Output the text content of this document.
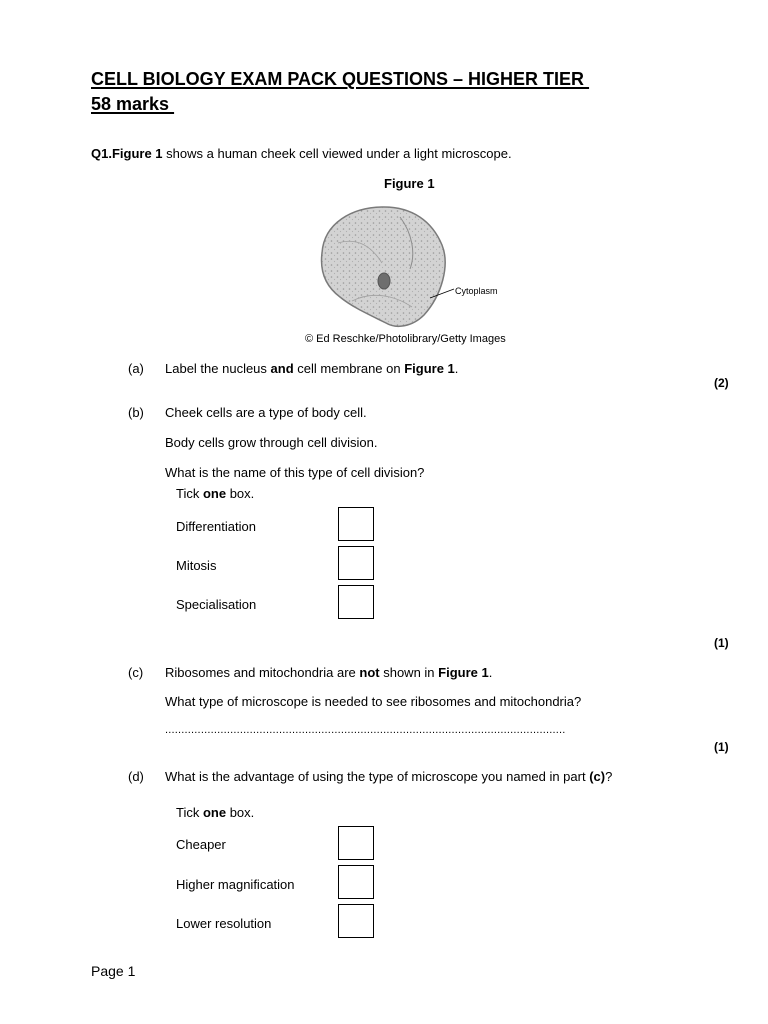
CELL BIOLOGY EXAM PACK QUESTIONS – HIGHER TIER
58 marks
Q1.Figure 1 shows a human cheek cell viewed under a light microscope.
Figure 1
Cytoplasm
© Ed Reschke/Photolibrary/Getty Images
(a) Label the nucleus and cell membrane on Figure 1.
(2)
(b) Cheek cells are a type of body cell.
Body cells grow through cell division.
What is the name of this type of cell division?
Tick one box.
Differentiation
Mitosis
Specialisation
(1)
(c) Ribosomes and mitochondria are not shown in Figure 1.
What type of microscope is needed to see ribosomes and mitochondria?
...........................................................................................................................
(1)
(d) What is the advantage of using the type of microscope you named in part (c)?
Tick one box.
Cheaper
Higher magnification
Lower resolution
Page 1
